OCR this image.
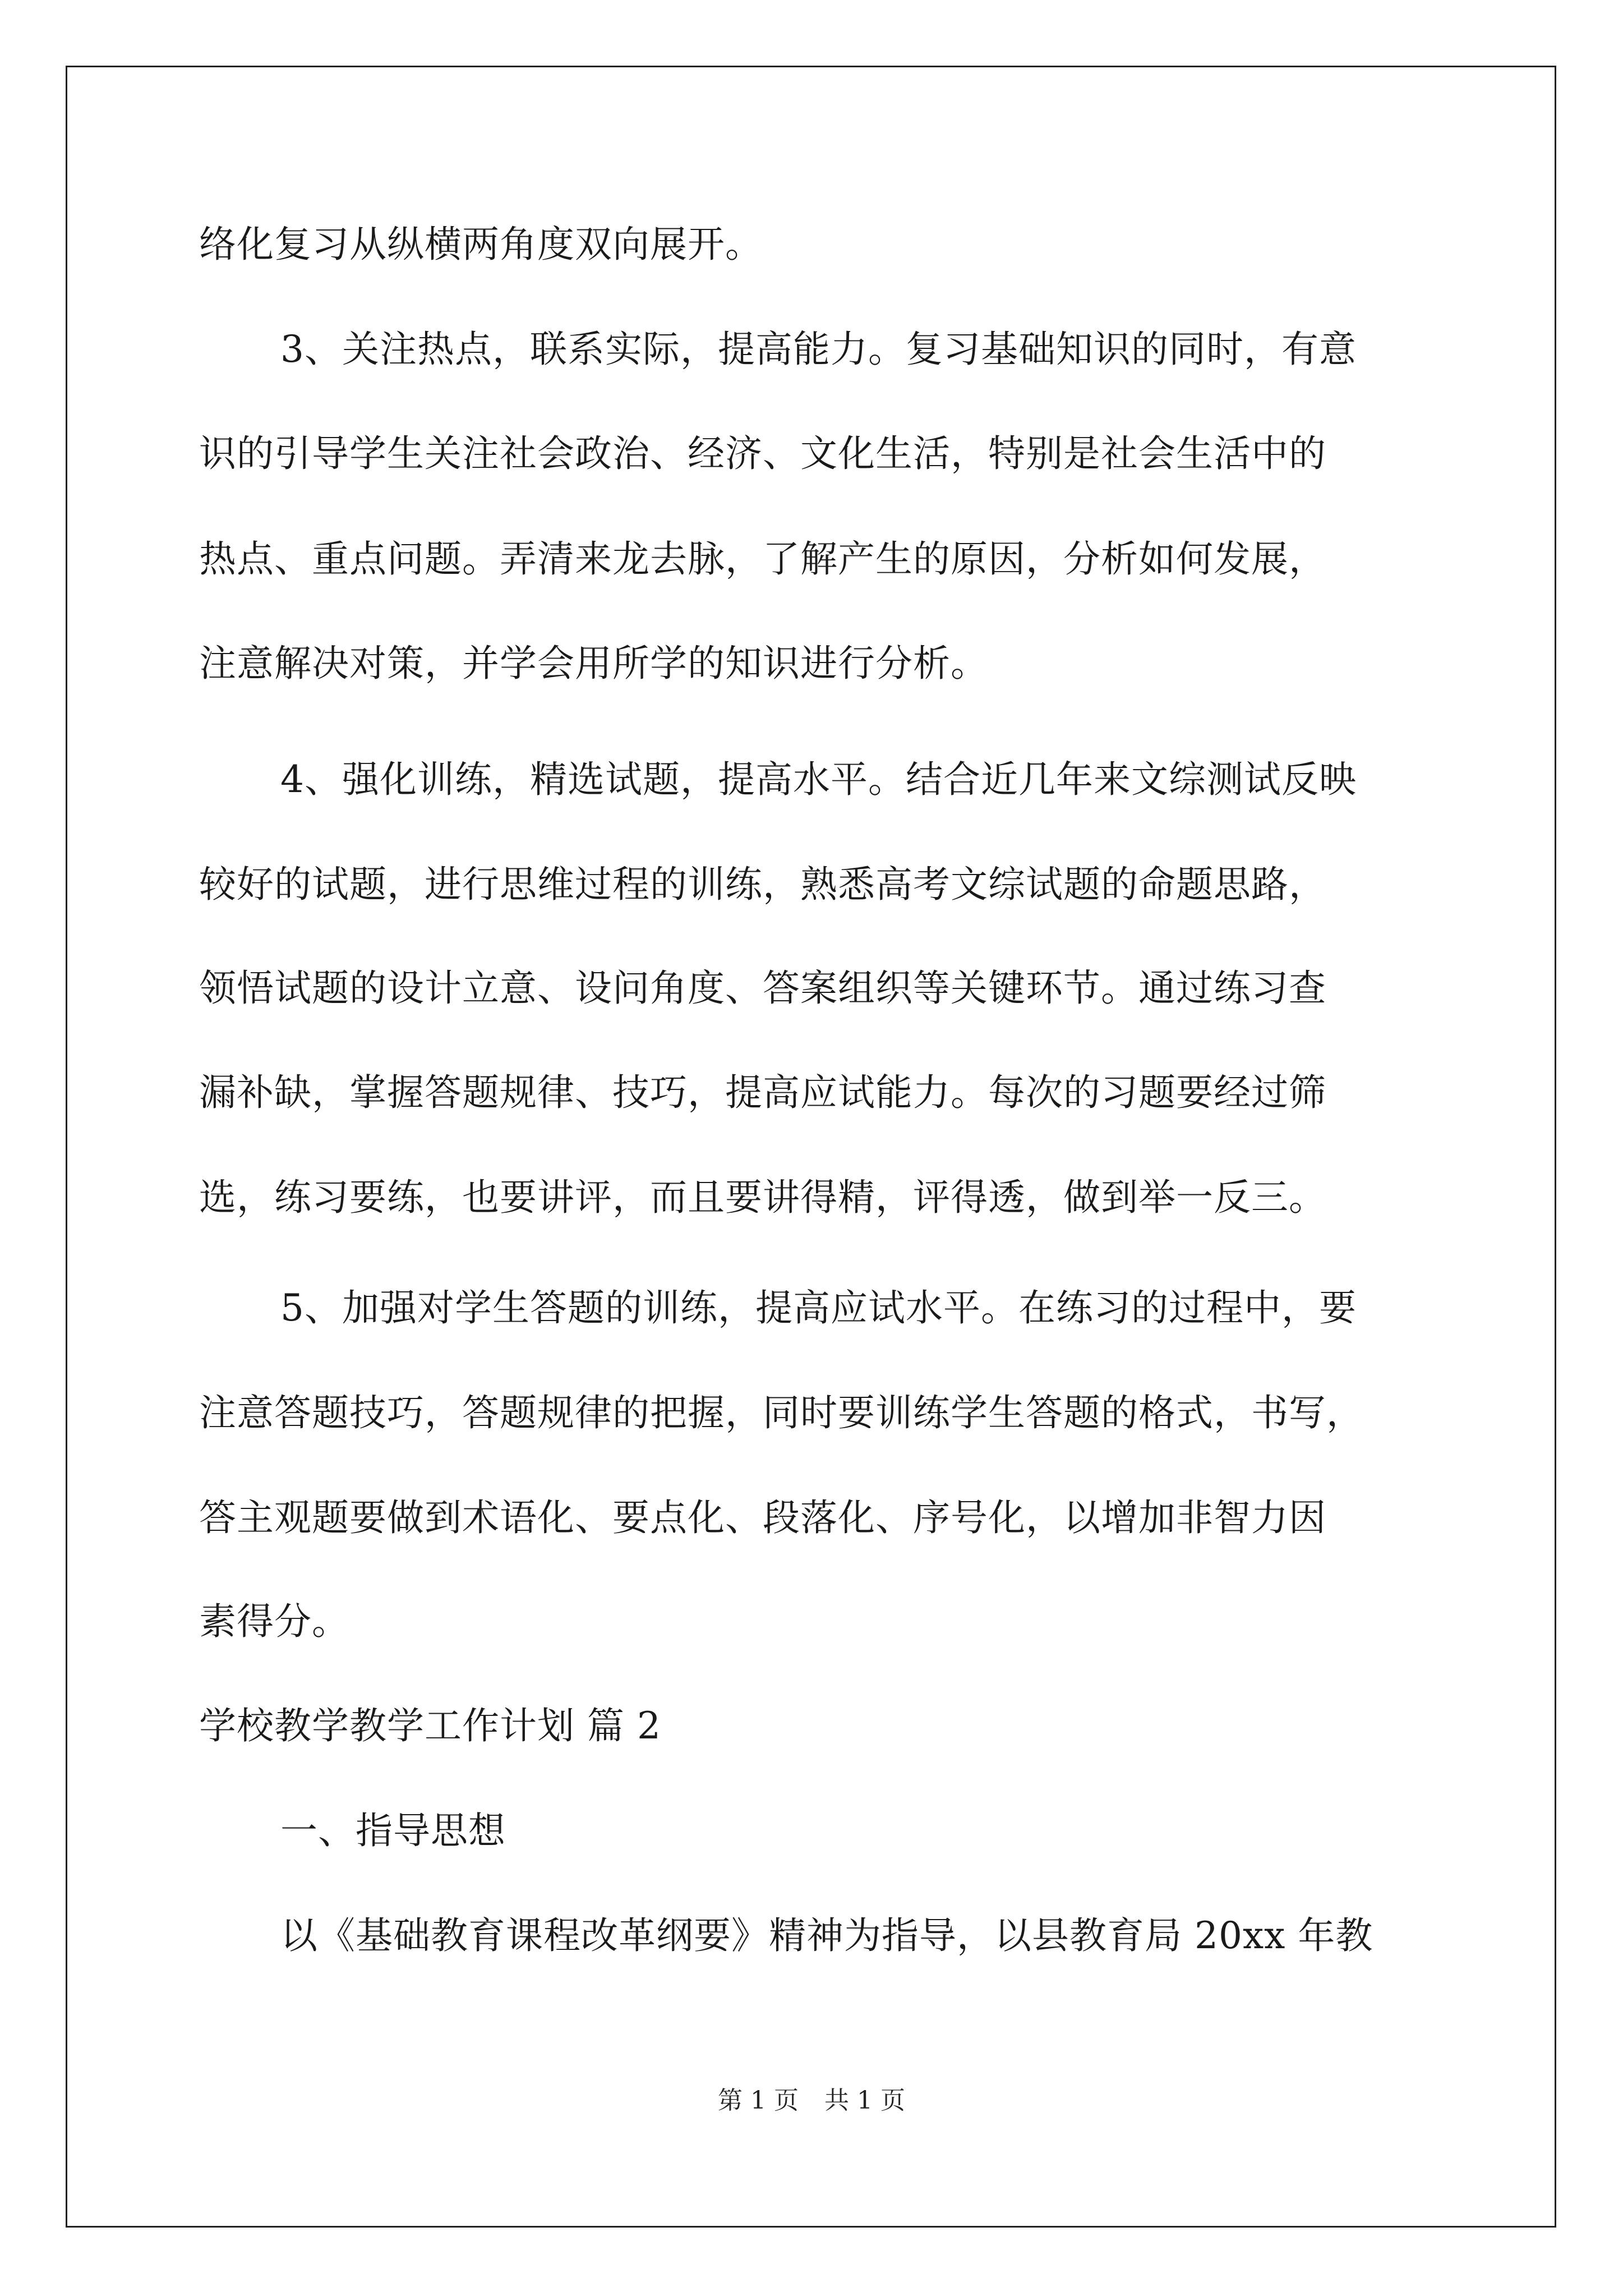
络化复习从纵横两角度双向展开。
3、关注热点，联系实际，提高能力。复习基础知识的同时，有意
识的引导学生关注社会政治、经济、文化生活，特别是社会生活中的
热点、重点问题。弄清来龙去脉，了解产生的原因，分析如何发展，
注意解决对策，并学会用所学的知识进行分析。
4、强化训练，精选试题，提高水平。结合近几年来文综测试反映
较好的试题，进行思维过程的训练，熟悉高考文综试题的命题思路，
领悟试题的设计立意、设问角度、答案组织等关键环节。通过练习查
漏补缺，掌握答题规律、技巧，提高应试能力。每次的习题要经过筛
选，练习要练，也要讲评，而且要讲得精，评得透，做到举一反三。
5、加强对学生答题的训练，提高应试水平。在练习的过程中，要
注意答题技巧，答题规律的把握，同时要训练学生答题的格式，书写，
答主观题要做到术语化、要点化、段落化、序号化，以增加非智力因
素得分。
学校教学教学工作计划 篇 2
一、指导思想
以《基础教育课程改革纲要》精神为指导，以县教育局 20xx 年教
第 1 页 共 1 页
